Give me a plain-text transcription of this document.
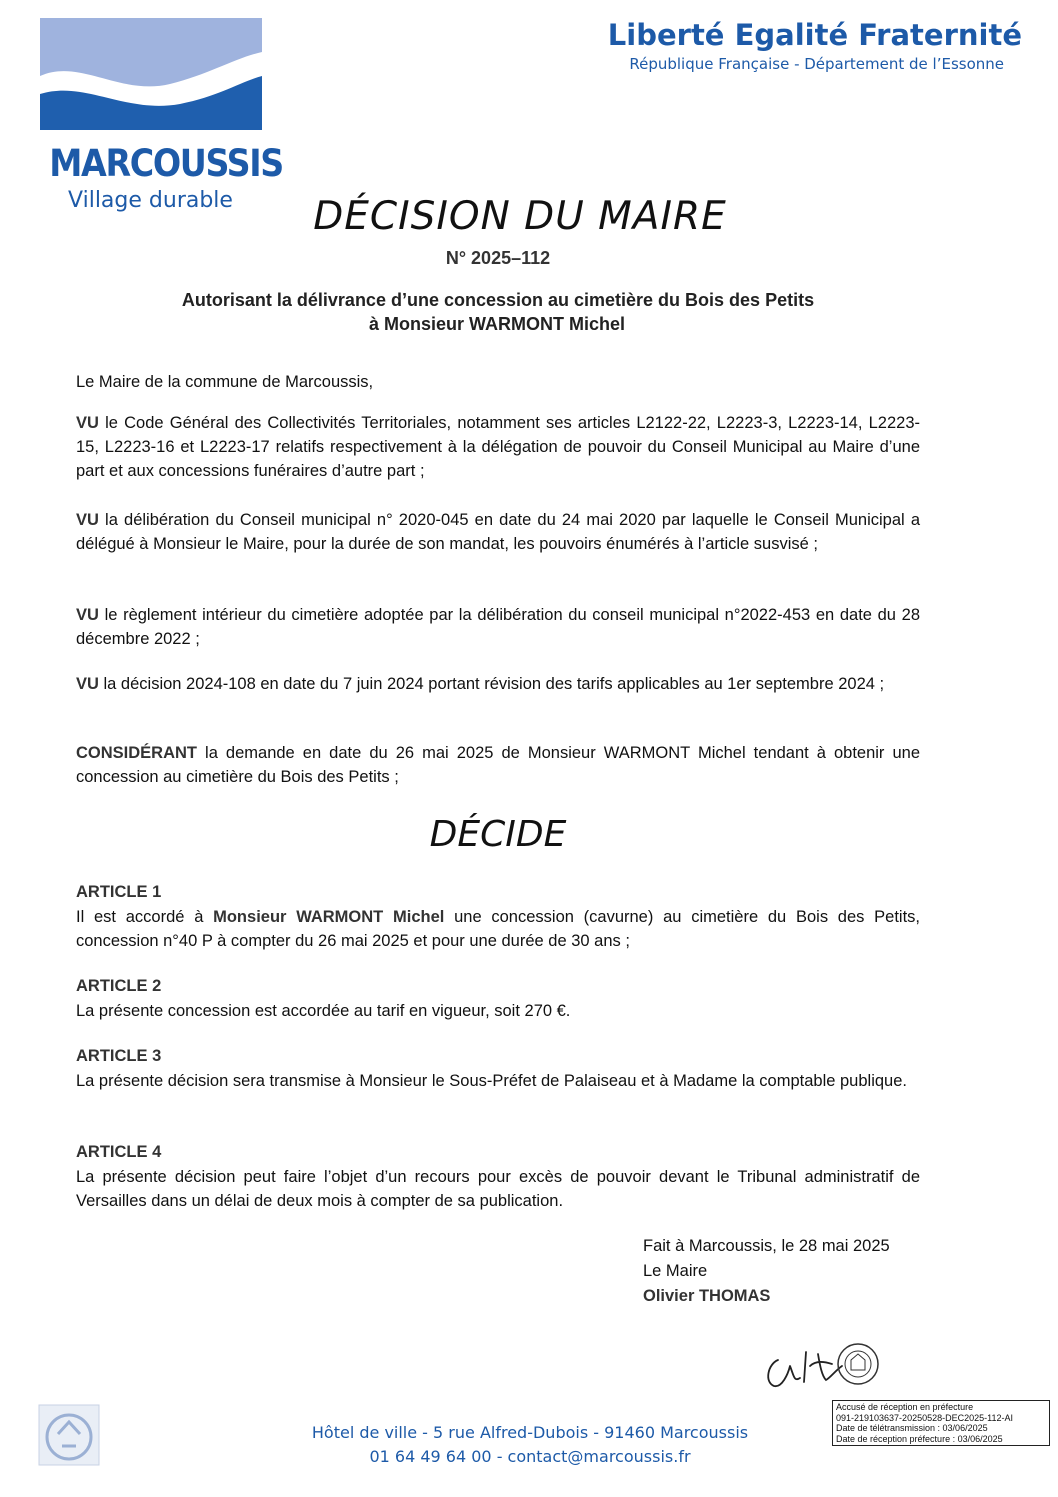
MARCOUSSIS
Village durable
Liberté Egalité Fraternité
République Française - Département de l’Essonne
DÉCISION DU MAIRE
N° 2025–112
Autorisant la délivrance d’une concession au cimetière du Bois des Petits
à Monsieur WARMONT Michel
Le Maire de la commune de Marcoussis,
VU le Code Général des Collectivités Territoriales, notamment ses articles L2122-22, L2223-3, L2223-14, L2223-15, L2223-16 et L2223-17 relatifs respectivement à la délégation de pouvoir du Conseil Municipal au Maire d’une part et aux concessions funéraires d’autre part ;
VU la délibération du Conseil municipal n° 2020-045 en date du 24 mai 2020 par laquelle le Conseil Municipal a délégué à Monsieur le Maire, pour la durée de son mandat, les pouvoirs énumérés à l’article susvisé ;
VU le règlement intérieur du cimetière adoptée par la délibération du conseil municipal n°2022-453 en date du 28 décembre 2022 ;
VU la décision 2024-108 en date du 7 juin 2024 portant révision des tarifs applicables au 1er septembre 2024 ;
CONSIDÉRANT la demande en date du 26 mai 2025 de Monsieur WARMONT Michel tendant à obtenir une concession au cimetière du Bois des Petits ;
DÉCIDE
ARTICLE 1
Il est accordé à Monsieur WARMONT Michel une concession (cavurne) au cimetière du Bois des Petits, concession n°40 P à compter du 26 mai 2025 et pour une durée de 30 ans ;
ARTICLE 2
La présente concession est accordée au tarif en vigueur, soit 270 €.
ARTICLE 3
La présente décision sera transmise à Monsieur le Sous-Préfet de Palaiseau et à Madame la comptable publique.
ARTICLE 4
La présente décision peut faire l’objet d’un recours pour excès de pouvoir devant le Tribunal administratif de Versailles dans un délai de deux mois à compter de sa publication.
Fait à Marcoussis, le 28 mai 2025
Le Maire
Olivier THOMAS
Accusé de réception en préfecture
091-219103637-20250528-DEC2025-112-AI
Date de télétransmission : 03/06/2025
Date de réception préfecture : 03/06/2025
Hôtel de ville - 5 rue Alfred-Dubois - 91460 Marcoussis
01 64 49 64 00 - contact@marcoussis.fr
